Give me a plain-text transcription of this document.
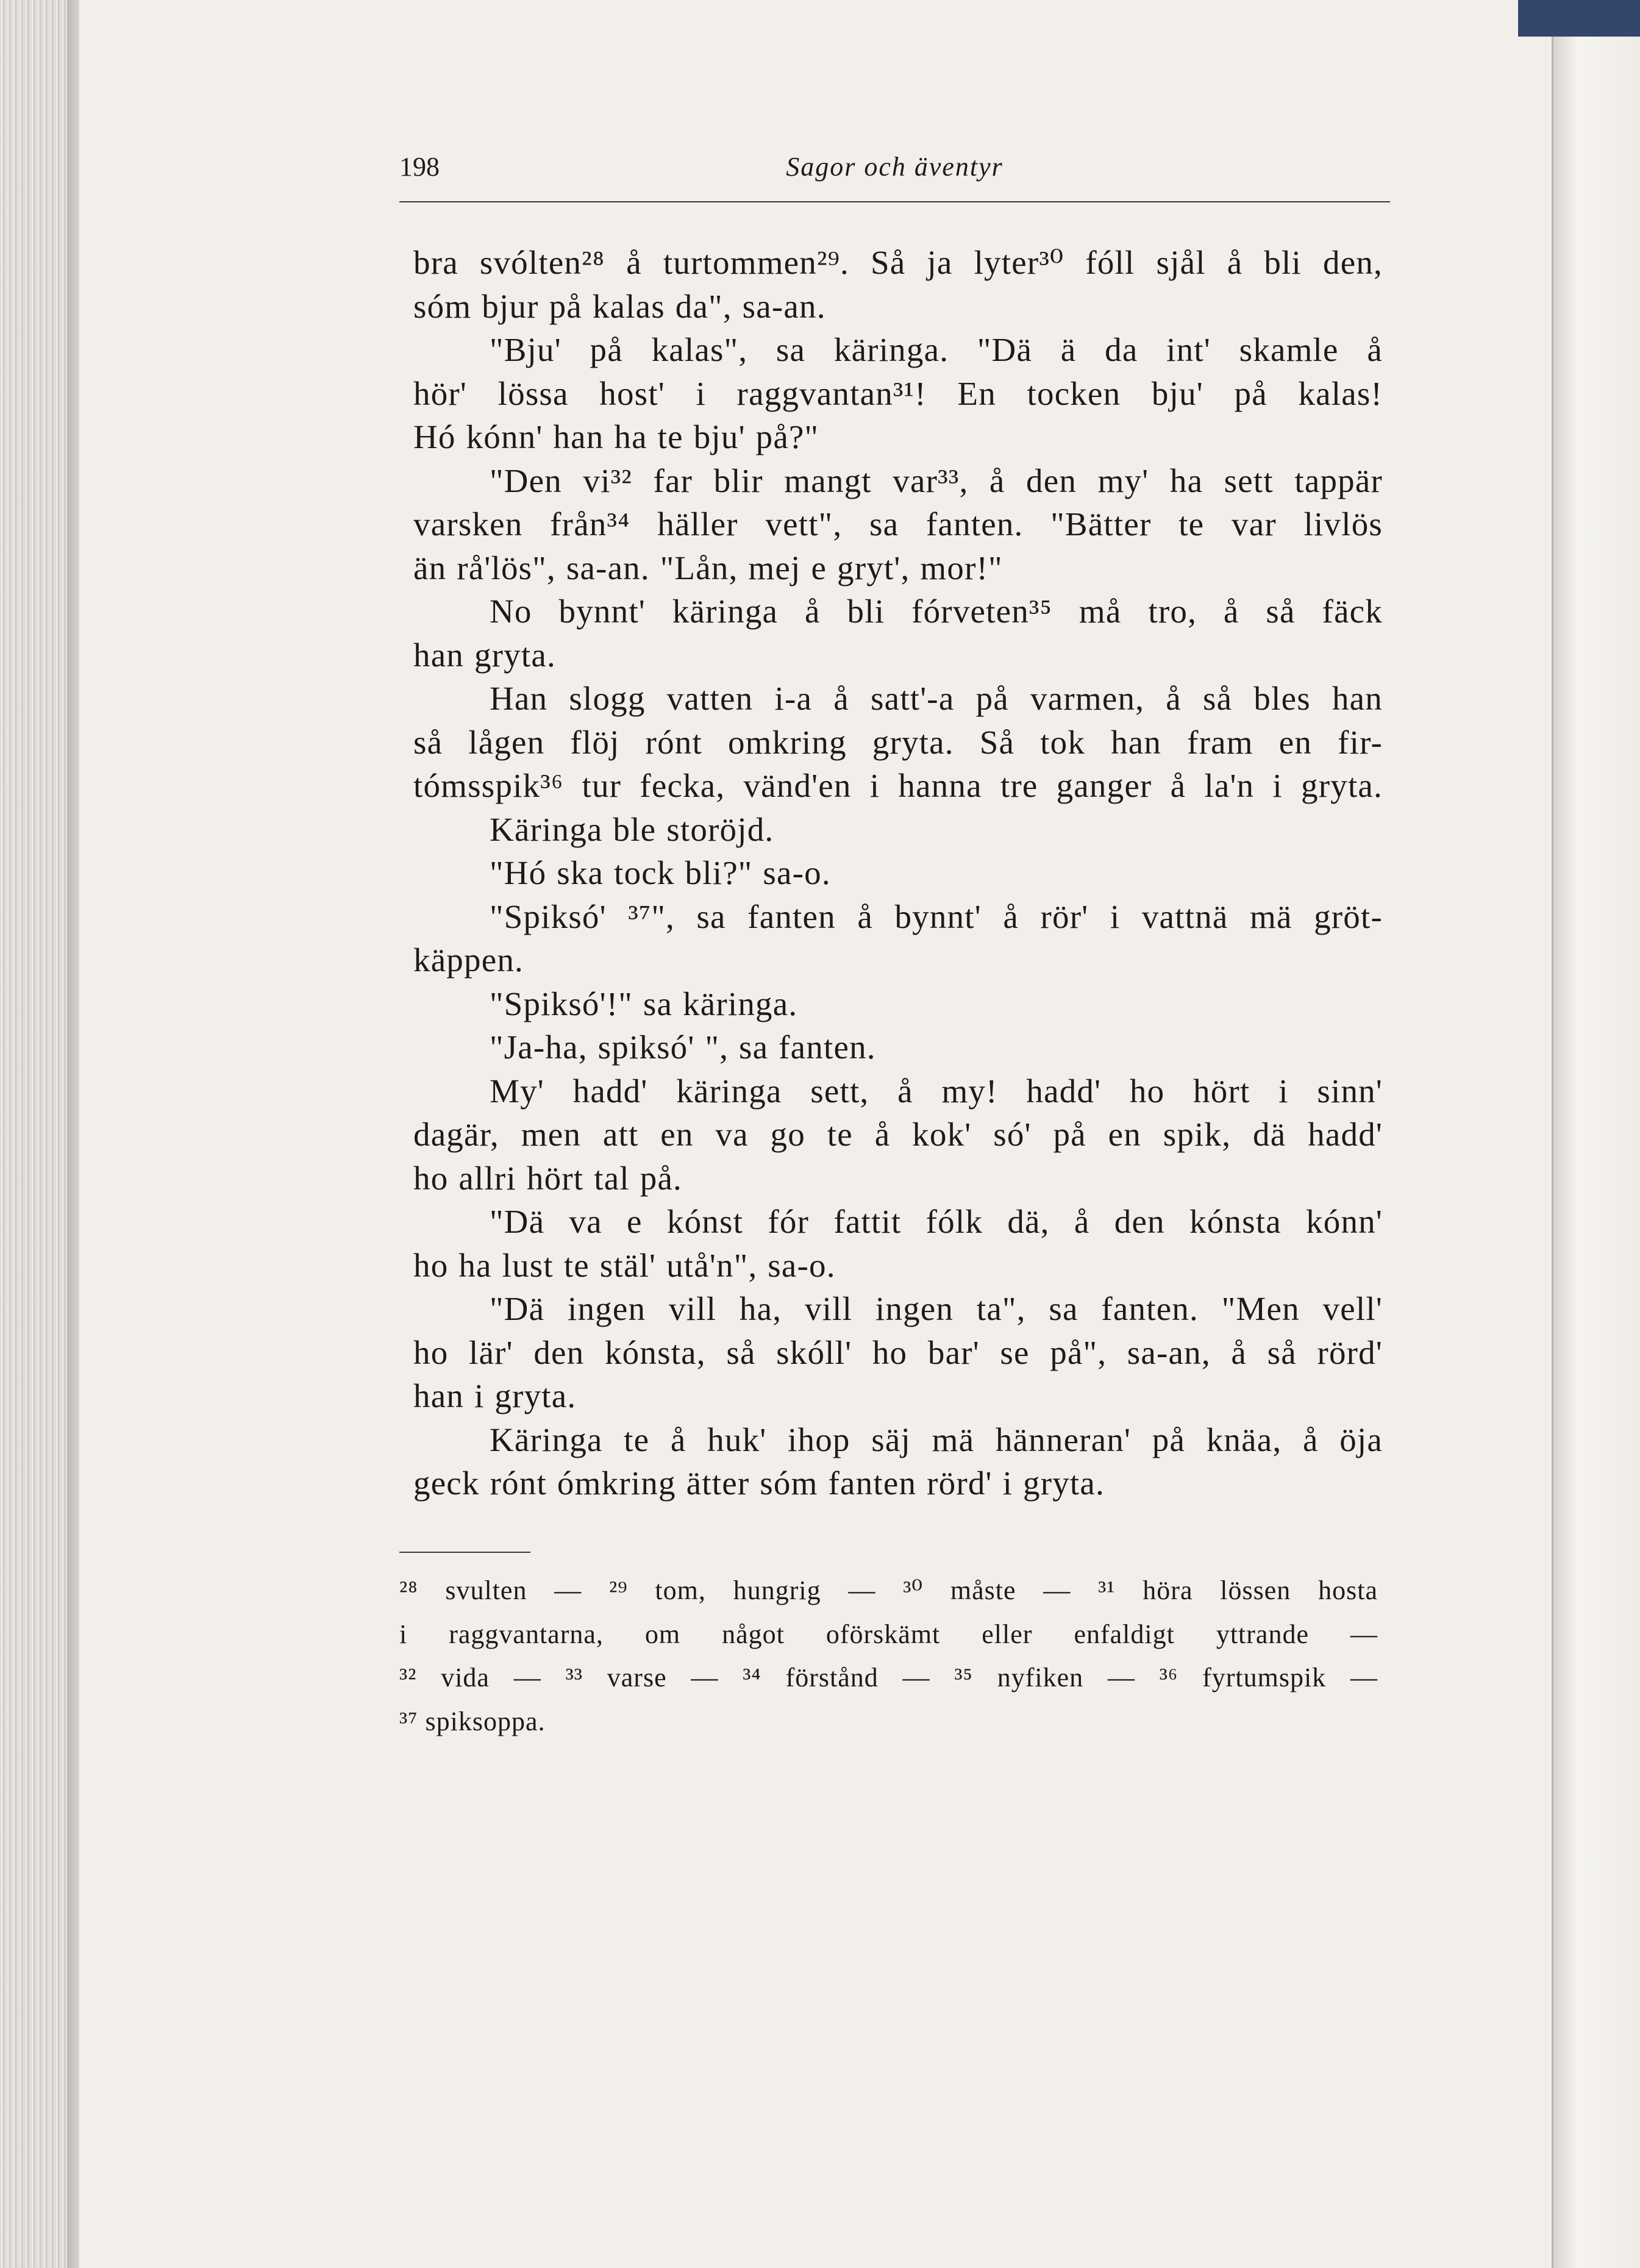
198	Sagor och äventyr
bra svólten²⁸ å turtommen²⁹. Så ja lyter³⁰ fóll sjål å bli den,
sóm bjur på kalas da", sa-an.
"Bju' på kalas", sa käringa. "Dä ä da int' skamle å
hör' lössa host' i raggvantan³¹! En tocken bju' på kalas!
Hó kónn' han ha te bju' på?"
"Den vi³² far blir mangt var³³, å den my' ha sett tappär
varsken från³⁴ häller vett", sa fanten. "Bätter te var livlös
än rå'lös", sa-an. "Lån, mej e gryt', mor!"
No bynnt' käringa å bli fórveten³⁵ må tro, å så fäck
han gryta.
Han slogg vatten i-a å satt'-a på varmen, å så bles han
så lågen flöj rónt omkring gryta. Så tok han fram en fir-
tómsspik³⁶ tur fecka, vänd'en i hanna tre ganger å la'n i gryta.
Käringa ble storöjd.
"Hó ska tock bli?" sa-o.
"Spiksó' ³⁷", sa fanten å bynnt' å rör' i vattnä mä gröt-
käppen.
"Spiksó'!" sa käringa.
"Ja-ha, spiksó' ", sa fanten.
My' hadd' käringa sett, å my! hadd' ho hört i sinn'
dagär, men att en va go te å kok' só' på en spik, dä hadd'
ho allri hört tal på.
"Dä va e kónst fór fattit fólk dä, å den kónsta kónn'
ho ha lust te stäl' utå'n", sa-o.
"Dä ingen vill ha, vill ingen ta", sa fanten. "Men vell'
ho lär' den kónsta, så skóll' ho bar' se på", sa-an, å så rörd'
han i gryta.
Käringa te å huk' ihop säj mä hänneran' på knäa, å öja
geck rónt ómkring ätter sóm fanten rörd' i gryta.
²⁸ svulten — ²⁹ tom, hungrig — ³⁰ måste — ³¹ höra lössen hosta
i raggvantarna, om något oförskämt eller enfaldigt yttrande —
³² vida — ³³ varse — ³⁴ förstånd — ³⁵ nyfiken — ³⁶ fyrtumspik —
³⁷ spiksoppa.
